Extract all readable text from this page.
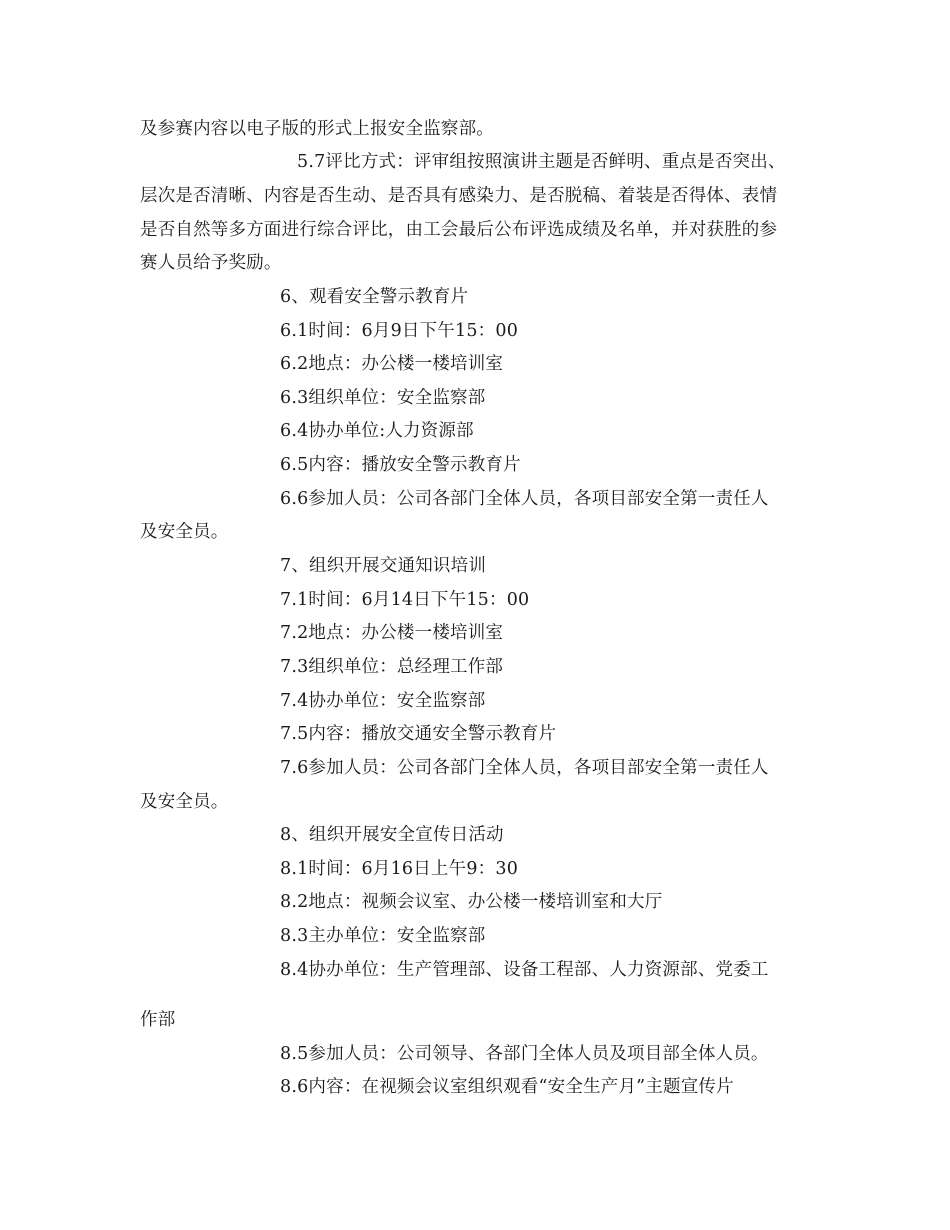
及参赛内容以电子版的形式上报安全监察部。
5.7评比方式：评审组按照演讲主题是否鲜明、重点是否突出、
层次是否清晰、内容是否生动、是否具有感染力、是否脱稿、着装是否得体、表情
是否自然等多方面进行综合评比，由工会最后公布评选成绩及名单，并对获胜的参
赛人员给予奖励。
6、观看安全警示教育片
6.1时间：6月9日下午15：00
6.2地点：办公楼一楼培训室
6.3组织单位：安全监察部
6.4协办单位:人力资源部
6.5内容：播放安全警示教育片
6.6参加人员：公司各部门全体人员，各项目部安全第一责任人
及安全员。
7、组织开展交通知识培训
7.1时间：6月14日下午15：00
7.2地点：办公楼一楼培训室
7.3组织单位：总经理工作部
7.4协办单位：安全监察部
7.5内容：播放交通安全警示教育片
7.6参加人员：公司各部门全体人员，各项目部安全第一责任人
及安全员。
8、组织开展安全宣传日活动
8.1时间：6月16日上午9：30
8.2地点：视频会议室、办公楼一楼培训室和大厅
8.3主办单位：安全监察部
8.4协办单位：生产管理部、设备工程部、人力资源部、党委工
作部
8.5参加人员：公司领导、各部门全体人员及项目部全体人员。
8.6内容：在视频会议室组织观看“安全生产月”主题宣传片
